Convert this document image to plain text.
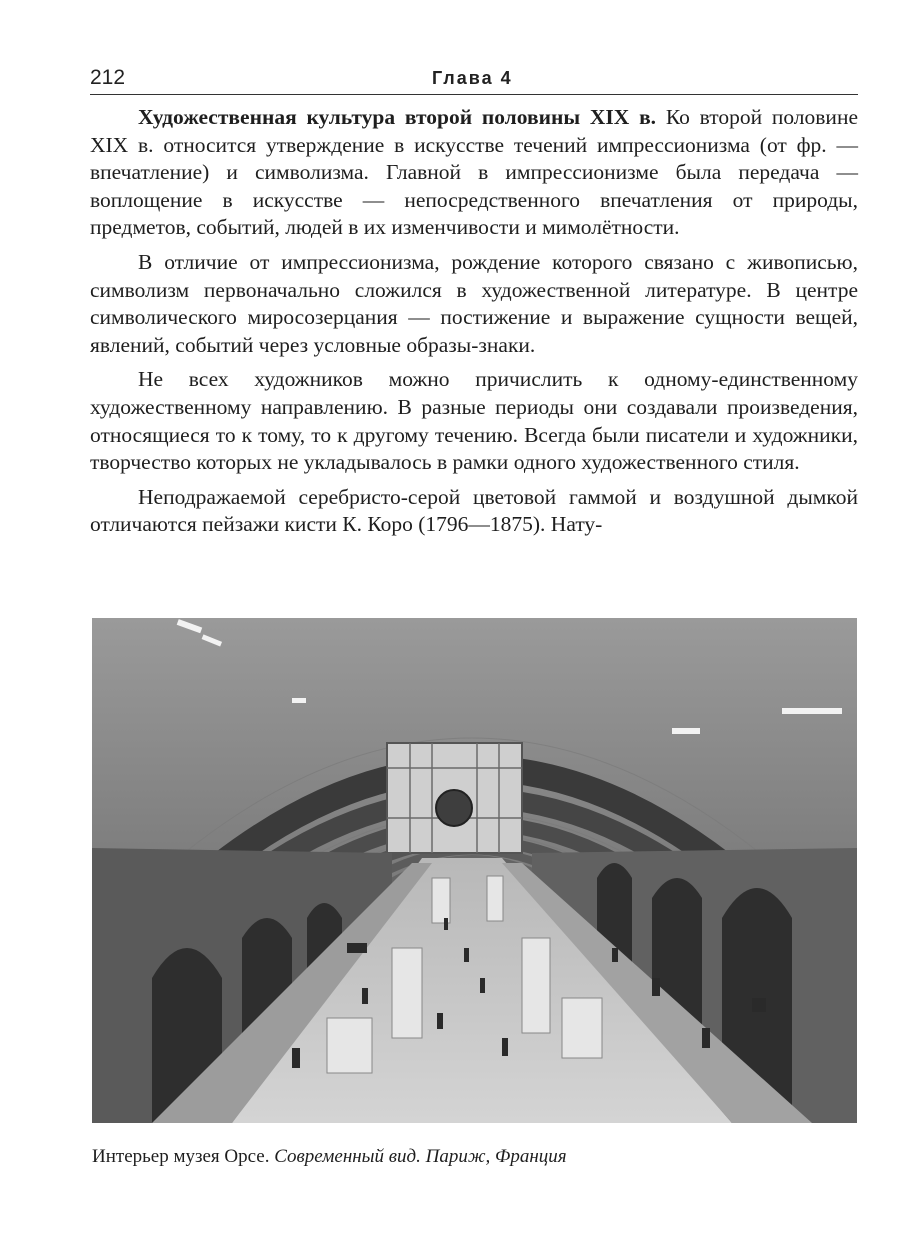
212	Глава 4

Художественная культура второй половины XIX в. Ко второй половине XIX в. относится утверждение в искусстве течений импрессионизма (от фр. — впечатление) и символизма. Главной в импрессионизме была передача — воплощение в искусстве — непосредственного впечатления от природы, предметов, событий, людей в их изменчивости и мимолётности.

В отличие от импрессионизма, рождение которого связано с живописью, символизм первоначально сложился в художественной литературе. В центре символического миросозерцания — постижение и выражение сущности вещей, явлений, событий через условные образы-знаки.

Не всех художников можно причислить к одному-единственному художественному направлению. В разные периоды они создавали произведения, относящиеся то к тому, то к другому течению. Всегда были писатели и художники, творчество которых не укладывалось в рамки одного художественного стиля.

Неподражаемой серебристо-серой цветовой гаммой и воздушной дымкой отличаются пейзажи кисти К. Коро (1796—1875). Нату-

Интерьер музея Орсе. Современный вид. Париж, Франция
